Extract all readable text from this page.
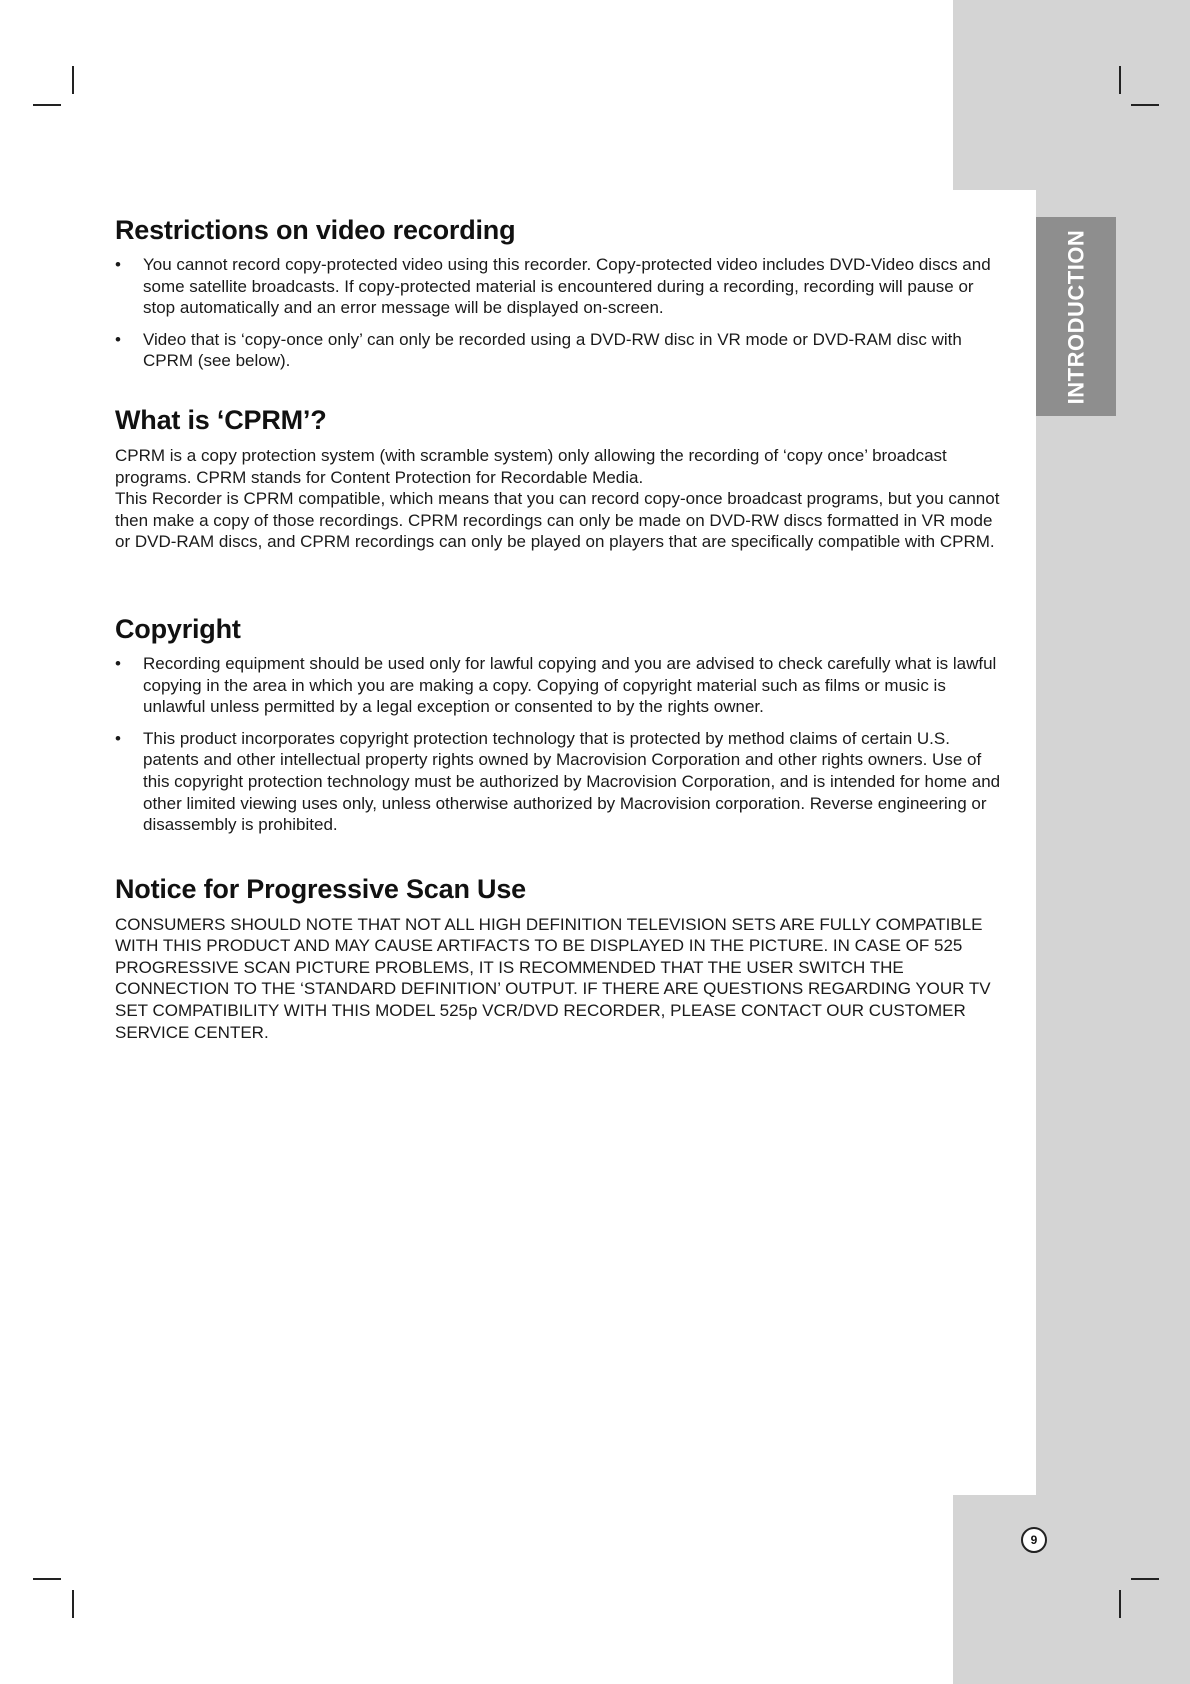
INTRODUCTION
9
Restrictions on video recording
• You cannot record copy-protected video using this recorder. Copy-protected video includes DVD-Video discs and some satellite broadcasts. If copy-protected material is encountered during a recording, recording will pause or stop automatically and an error message will be displayed on-screen.
• Video that is ‘copy-once only’ can only be recorded using a DVD-RW disc in VR mode or DVD-RAM disc with CPRM (see below).
What is ‘CPRM’?

CPRM is a copy protection system (with scramble system) only allowing the recording of ‘copy once’ broadcast programs. CPRM stands for Content Protection for Recordable Media.

This Recorder is CPRM compatible, which means that you can record copy-once broadcast programs, but you cannot then make a copy of those recordings. CPRM recordings can only be made on DVD-RW discs formatted in VR mode or DVD-RAM discs, and CPRM recordings can only be played on players that are specifically compatible with CPRM.

Copyright
• Recording equipment should be used only for lawful copying and you are advised to check carefully what is lawful copying in the area in which you are making a copy. Copying of copyright material such as films or music is unlawful unless permitted by a legal exception or consented to by the rights owner.
• This product incorporates copyright protection technology that is protected by method claims of certain U.S. patents and other intellectual property rights owned by Macrovision Corporation and other rights owners. Use of this copyright protection technology must be authorized by Macrovision Corporation, and is intended for home and other limited viewing uses only, unless otherwise authorized by Macrovision corporation. Reverse engineering or disassembly is prohibited.
Notice for Progressive Scan Use

CONSUMERS SHOULD NOTE THAT NOT ALL HIGH DEFINITION TELEVISION SETS ARE FULLY COMPATIBLE WITH THIS PRODUCT AND MAY CAUSE ARTIFACTS TO BE DISPLAYED IN THE PICTURE. IN CASE OF 525 PROGRESSIVE SCAN PICTURE PROBLEMS, IT IS RECOMMENDED THAT THE USER SWITCH THE CONNECTION TO THE ‘STANDARD DEFINITION’ OUTPUT. IF THERE ARE QUESTIONS REGARDING YOUR TV SET COMPATIBILITY WITH THIS MODEL 525p VCR/DVD RECORDER, PLEASE CONTACT OUR CUSTOMER SERVICE CENTER.
